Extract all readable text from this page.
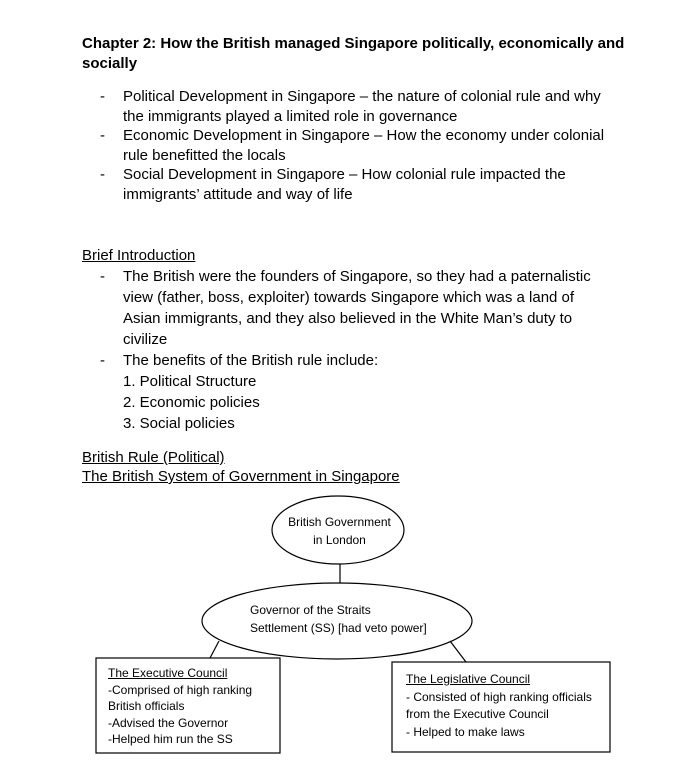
Chapter 2: How the British managed Singapore politically, economically and socially
- Political Development in Singapore – the nature of colonial rule and why the immigrants played a limited role in governance
- Economic Development in Singapore – How the economy under colonial rule benefitted the locals
- Social Development in Singapore – How colonial rule impacted the immigrants’ attitude and way of life
Brief Introduction
- The British were the founders of Singapore, so they had a paternalistic view (father, boss, exploiter) towards Singapore which was a land of Asian immigrants, and they also believed in the White Man’s duty to civilize
- The benefits of the British rule include:
1. Political Structure
2. Economic policies
3. Social policies
British Rule (Political)
The British System of Government in Singapore
British Government
in London
Governor of the Straits
Settlement (SS) [had veto power]
The Executive Council
-Comprised of high ranking
British officials
-Advised the Governor
-Helped him run the SS
The Legislative Council
- Consisted of high ranking officials
from the Executive Council
- Helped to make laws
